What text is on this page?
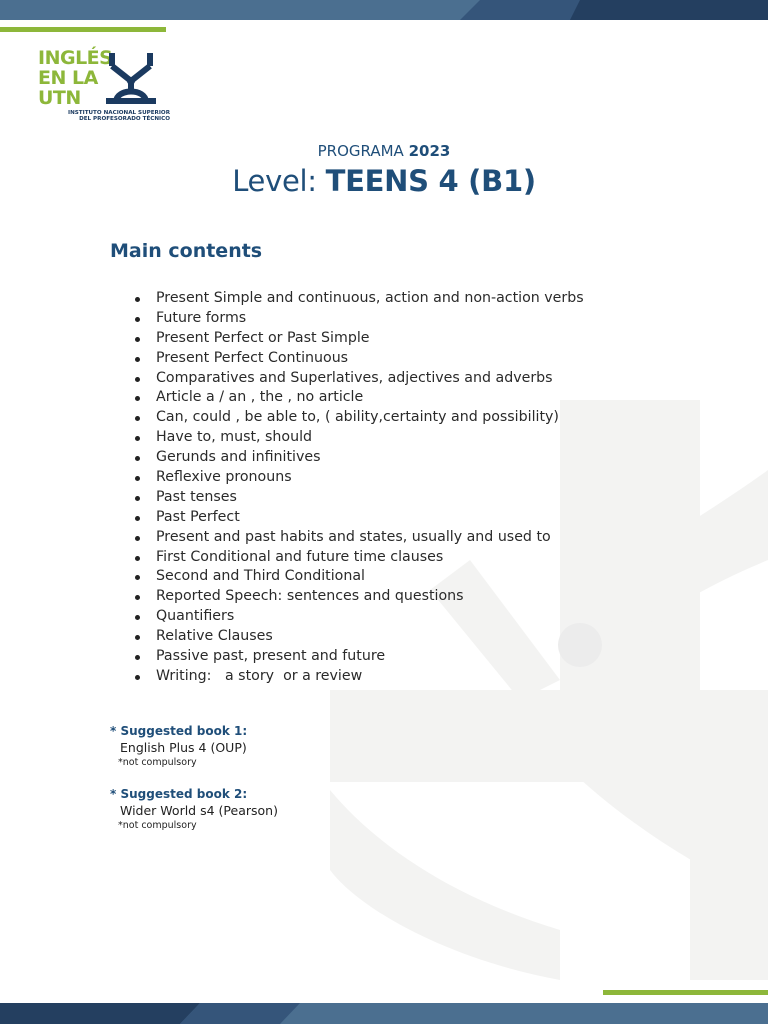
INGLÉS
EN LA
UTN
INSTITUTO NACIONAL SUPERIOR
DEL PROFESORADO TÉCNICO
PROGRAMA 2023
Level: TEENS 4 (B1)
Main contents
Present Simple and continuous, action and non-action verbs
Future forms
Present Perfect or Past Simple
Present Perfect Continuous
Comparatives and Superlatives, adjectives and adverbs
Article a / an , the , no article
Can, could , be able to, ( ability,certainty and possibility)
Have to, must, should
Gerunds and infinitives
Reflexive pronouns
Past tenses
Past Perfect
Present and past habits and states, usually and used to
First Conditional and future time clauses
Second and Third Conditional
Reported Speech: sentences and questions
Quantifiers
Relative Clauses
Passive past, present and future
Writing:   a story  or a review
* Suggested book 1:
English Plus 4 (OUP)
*not compulsory
* Suggested book 2:
Wider World s4 (Pearson)
*not compulsory
